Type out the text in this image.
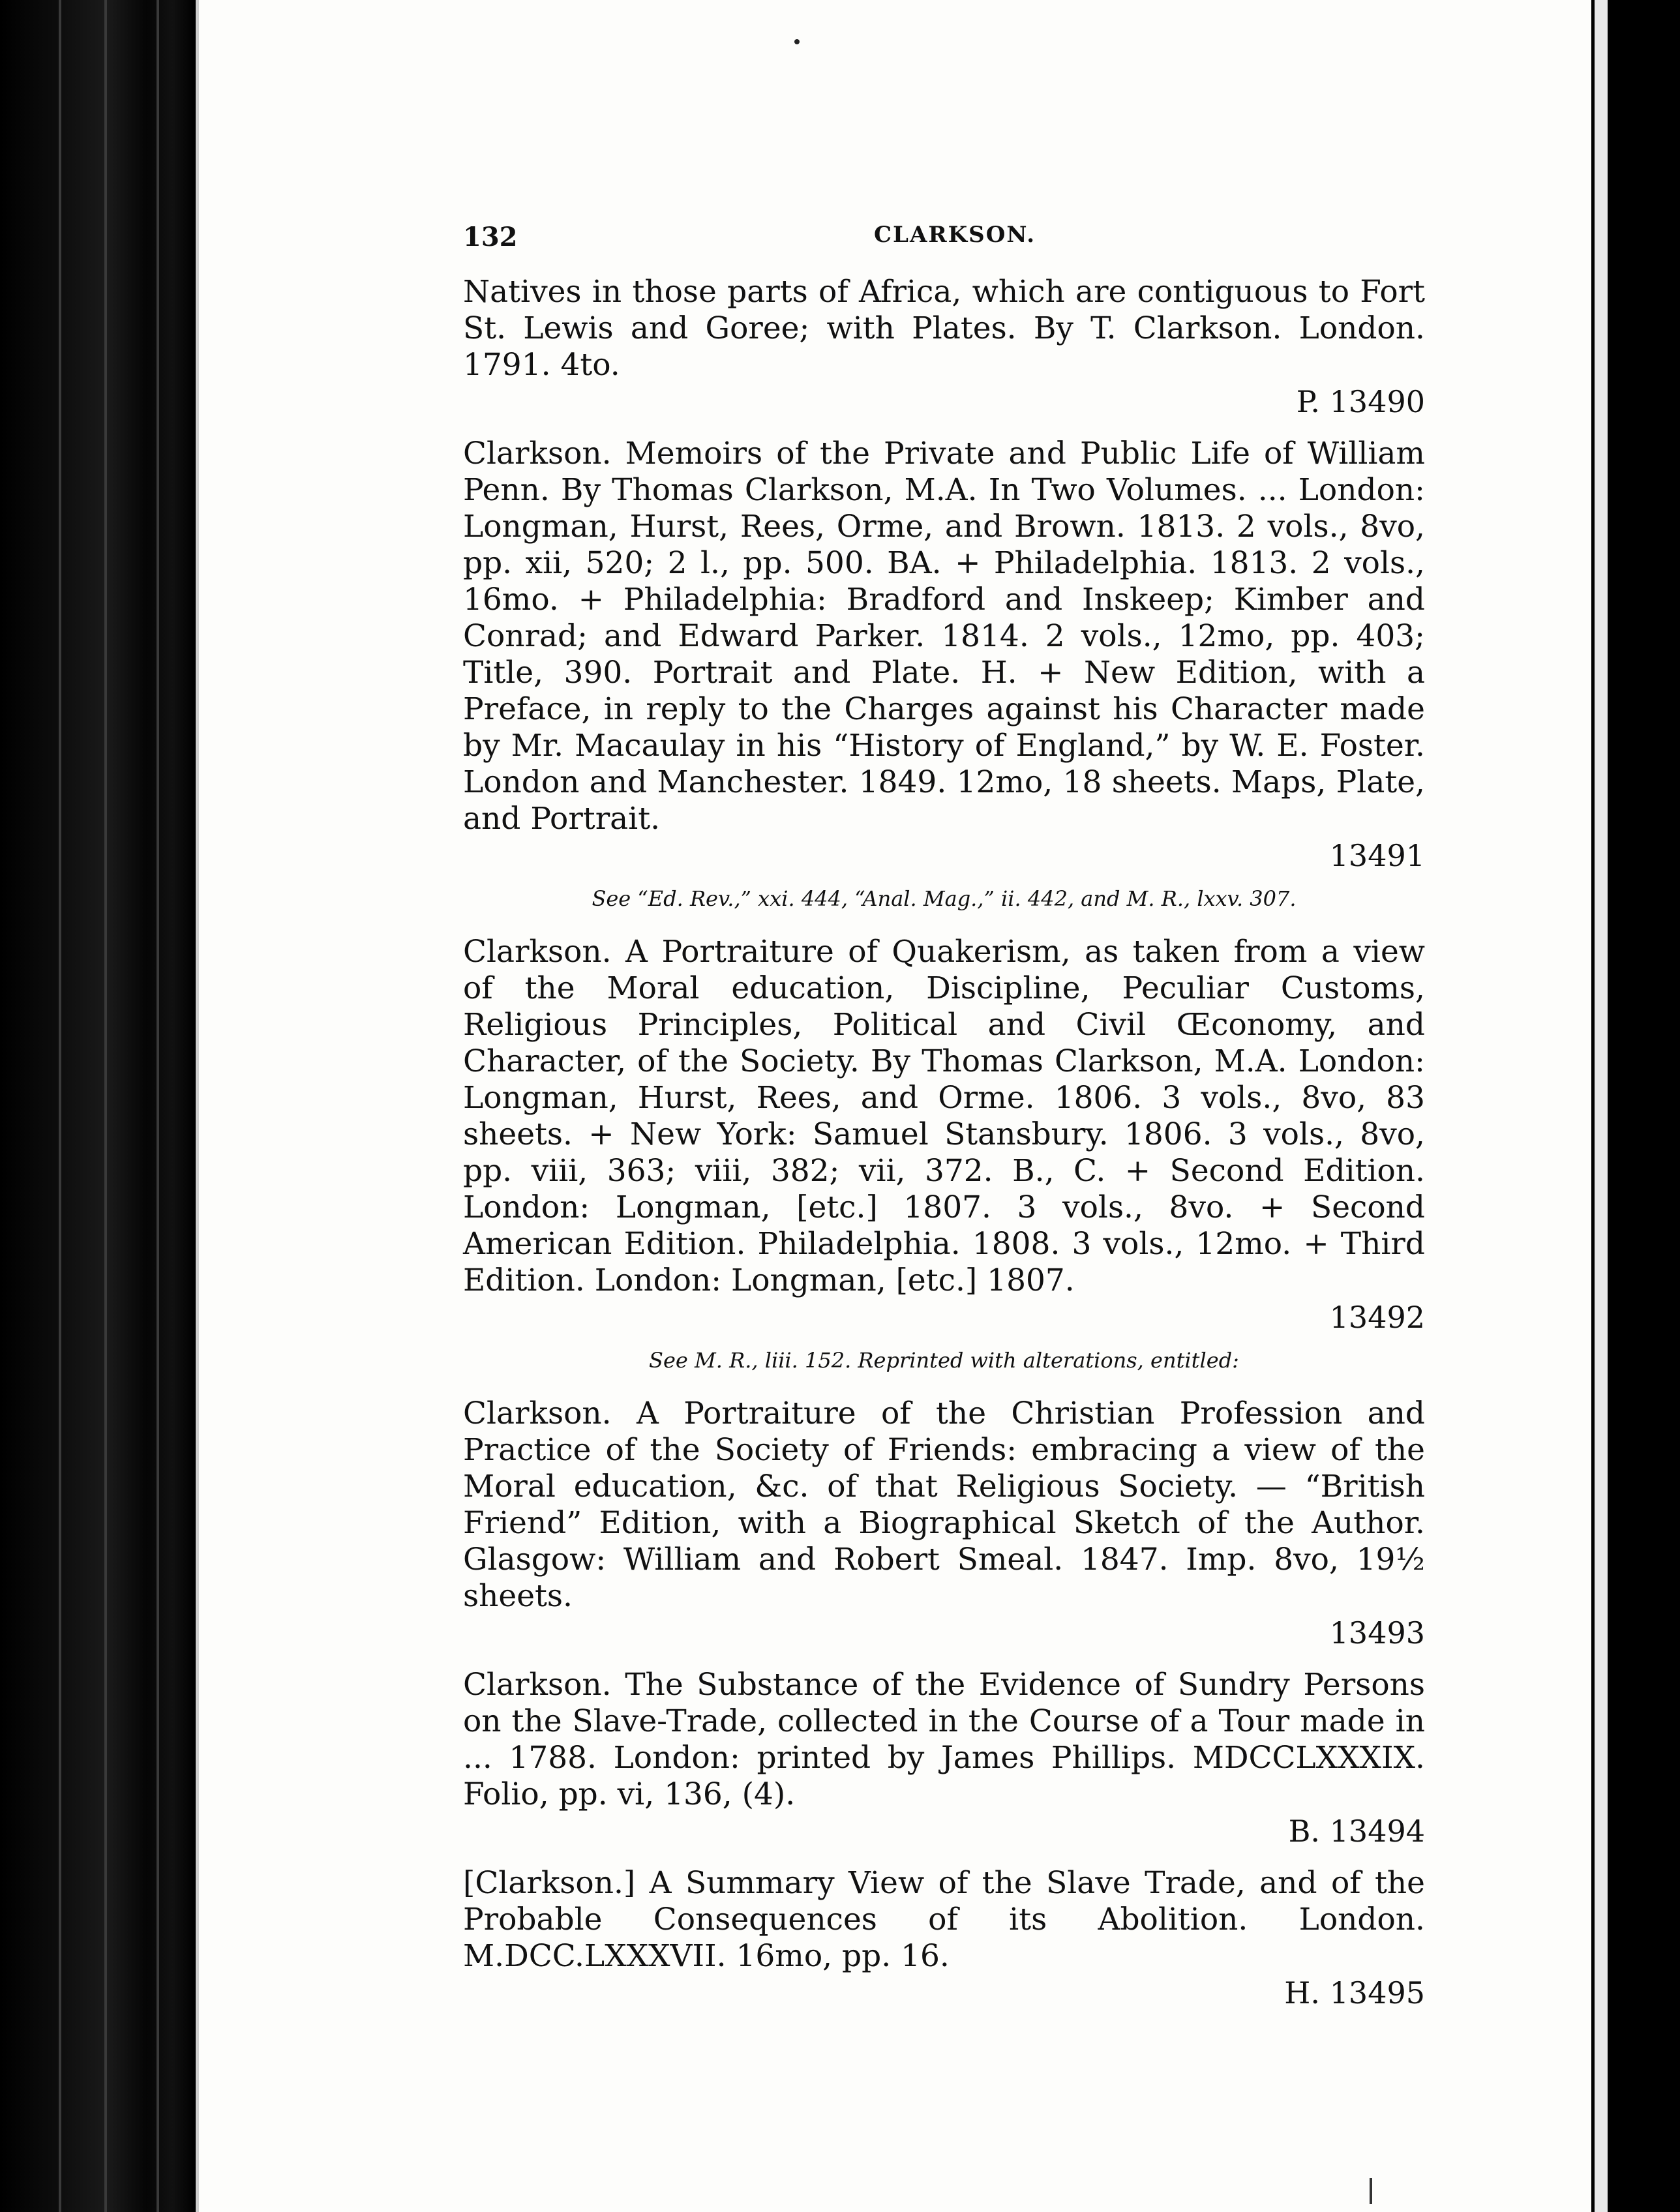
132	CLARKSON.
Natives in those parts of Africa, which are contiguous to Fort St. Lewis and Goree; with Plates. By T. Clarkson. London. 1791. 4to.
P. 13490
Clarkson. Memoirs of the Private and Public Life of William Penn. By Thomas Clarkson, M.A. In Two Volumes. ... London: Longman, Hurst, Rees, Orme, and Brown. 1813. 2 vols., 8vo, pp. xii, 520; 2 l., pp. 500. BA. + Philadelphia. 1813. 2 vols., 16mo. + Philadelphia: Bradford and Inskeep; Kimber and Conrad; and Edward Parker. 1814. 2 vols., 12mo, pp. 403; Title, 390. Portrait and Plate. H. + New Edition, with a Preface, in reply to the Charges against his Character made by Mr. Macaulay in his “History of England,” by W. E. Foster. London and Manchester. 1849. 12mo, 18 sheets. Maps, Plate, and Portrait.
13491
See “Ed. Rev.,” xxi. 444, “Anal. Mag.,” ii. 442, and M. R., lxxv. 307.
Clarkson. A Portraiture of Quakerism, as taken from a view of the Moral education, Discipline, Peculiar Customs, Religious Principles, Political and Civil Œconomy, and Character, of the Society. By Thomas Clarkson, M.A. London: Longman, Hurst, Rees, and Orme. 1806. 3 vols., 8vo, 83 sheets. + New York: Samuel Stansbury. 1806. 3 vols., 8vo, pp. viii, 363; viii, 382; vii, 372. B., C. + Second Edition. London: Longman, [etc.] 1807. 3 vols., 8vo. + Second American Edition. Philadelphia. 1808. 3 vols., 12mo. + Third Edition. London: Longman, [etc.] 1807.
13492
See M. R., liii. 152. Reprinted with alterations, entitled:
Clarkson. A Portraiture of the Christian Profession and Practice of the Society of Friends: embracing a view of the Moral education, &c. of that Religious Society. — “British Friend” Edition, with a Biographical Sketch of the Author. Glasgow: William and Robert Smeal. 1847. Imp. 8vo, 19½ sheets.
13493
Clarkson. The Substance of the Evidence of Sundry Persons on the Slave-Trade, collected in the Course of a Tour made in ... 1788. London: printed by James Phillips. MDCCLXXXIX. Folio, pp. vi, 136, (4).
B. 13494
[Clarkson.] A Summary View of the Slave Trade, and of the Probable Consequences of its Abolition. London. M.DCC.LXXXVII. 16mo, pp. 16.
H. 13495
